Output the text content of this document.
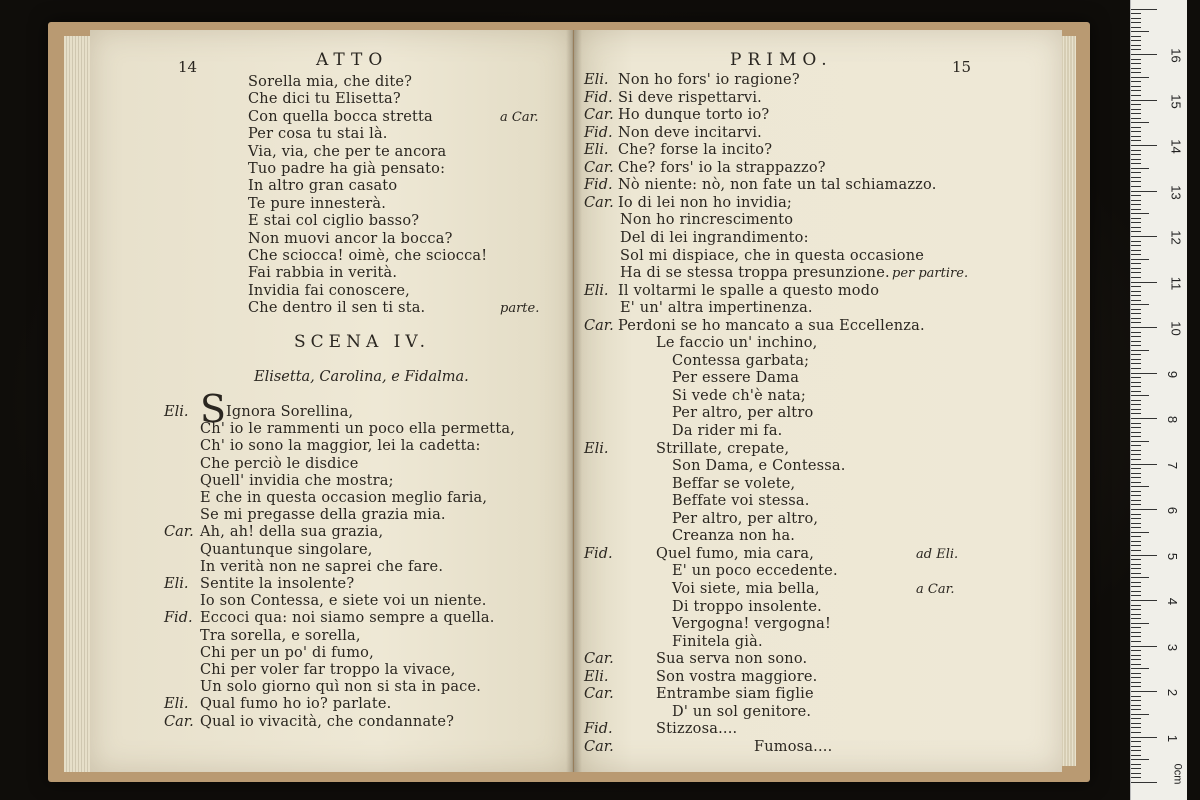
14	ATTO
SCENA IV.
Elisetta, Carolina, e Fidalma.
Sorella mia, che dite?
Che dici tu Elisetta?
Con quella bocca stretta	a Car.
Per cosa tu stai là.
Via, via, che per te ancora
Tuo padre ha già pensato:
In altro gran casato
Te pure innesterà.
E stai col ciglio basso?
Non muovi ancor la bocca?
Che sciocca! oimè, che sciocca!
Fai rabbia in verità.
Invidia fai conoscere,
Che dentro il sen ti sta.	parte.
Eli. S Ignora Sorellina,
Ch' io le rammenti un poco ella permetta,
Ch' io sono la maggior, lei la cadetta:
Che perciò le disdice
Quell' invidia che mostra;
E che in questa occasion meglio faria,
Se mi pregasse della grazia mia.
Car. Ah, ah! della sua grazia,
Quantunque singolare,
In verità non ne saprei che fare.
Eli. Sentite la insolente?
Io son Contessa, e siete voi un niente.
Fid. Eccoci qua: noi siamo sempre a quella.
Tra sorella, e sorella,
Chi per un po' di fumo,
Chi per voler far troppo la vivace,
Un solo giorno quì non si sta in pace.
Eli. Qual fumo ho io? parlate.
Car. Qual io vivacità, che condannate?
PRIMO.	15
Eli. Non ho fors' io ragione?
Fid. Si deve rispettarvi.
Car. Ho dunque torto io?
Fid. Non deve incitarvi.
Eli. Che? forse la incito?
Car. Che? fors' io la strappazzo?
Fid. Nò niente: nò, non fate un tal schiamazzo.
Car. Io di lei non ho invidia;
Non ho rincrescimento
Del di lei ingrandimento:
Sol mi dispiace, che in questa occasione
Ha di se stessa troppa presunzione. per partire.
Eli. Il voltarmi le spalle a questo modo
E' un' altra impertinenza.
Car. Perdoni se ho mancato a sua Eccellenza.
Le faccio un' inchino,
Contessa garbata;
Per essere Dama
Si vede ch'è nata;
Per altro, per altro
Da rider mi fa.
Eli.	Strillate, crepate,
Son Dama, e Contessa.
Beffar se volete,
Beffate voi stessa.
Per altro, per altro,
Creanza non ha.
Fid.	Quel fumo, mia cara,	ad Eli.
E' un poco eccedente.
Voi siete, mia bella,	a Car.
Di troppo insolente.
Vergogna! vergogna!
Finitela già.
Car.	Sua serva non sono.
Eli.	Son vostra maggiore.
Car.	Entrambe siam figlie
D' un sol genitore.
Fid.	Stizzosa....
Car.	Fumosa....
0cm
1
2
3
4
5
6
7
8
9
10
11
12
13
14
15
16
